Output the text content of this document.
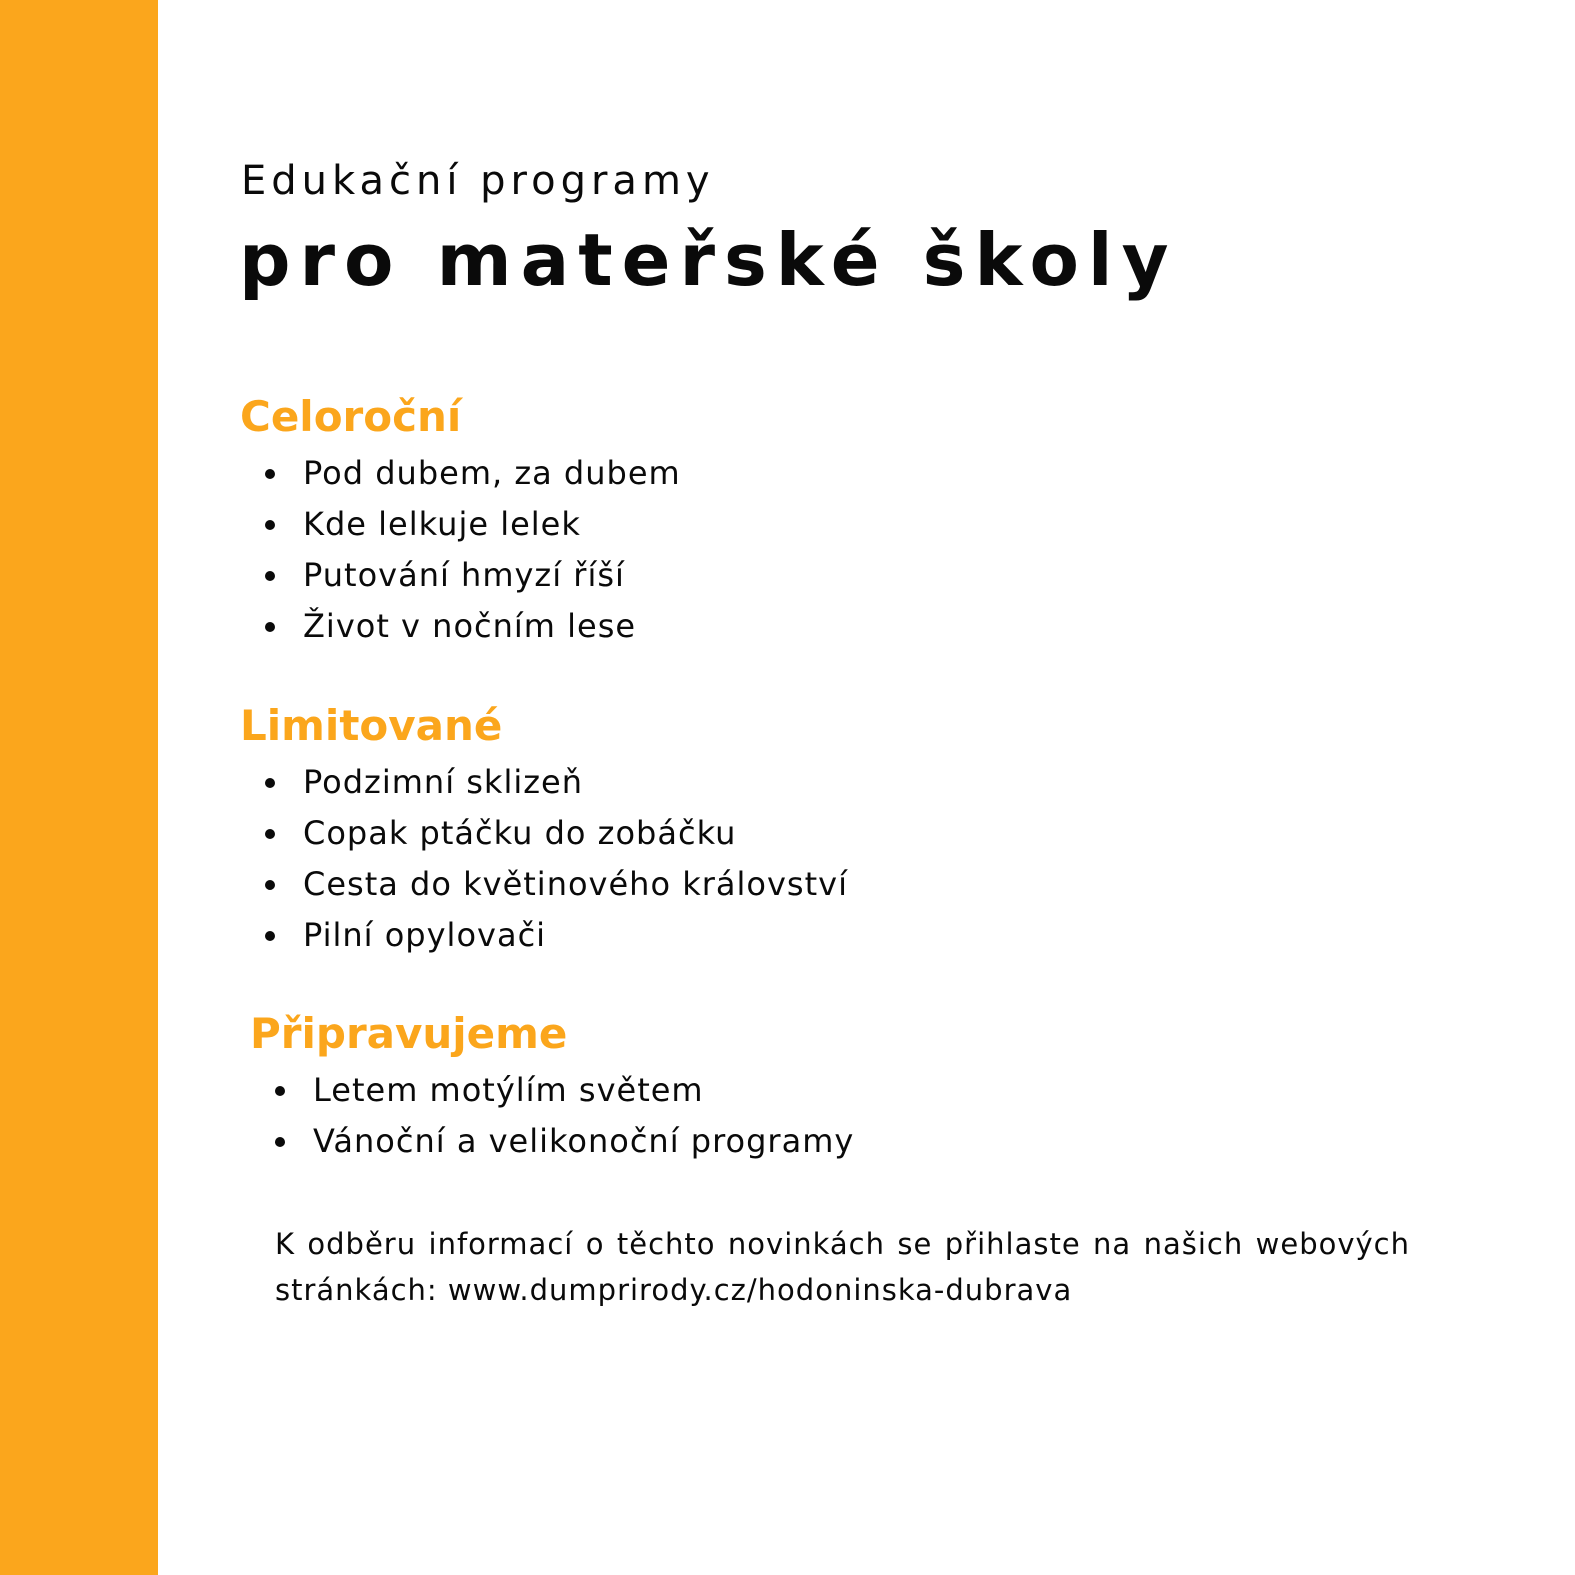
Edukační programy
pro mateřské školy
Celoroční
Pod dubem, za dubem
Kde lelkuje lelek
Putování hmyzí říší
Život v nočním lese
Limitované
Podzimní sklizeň
Copak ptáčku do zobáčku
Cesta do květinového království
Pilní opylovači
Připravujeme
Letem motýlím světem
Vánoční a velikonoční programy

K odběru informací o těchto novinkách se přihlaste na našich webových stránkách: www.dumprirody.cz/hodoninska-dubrava
